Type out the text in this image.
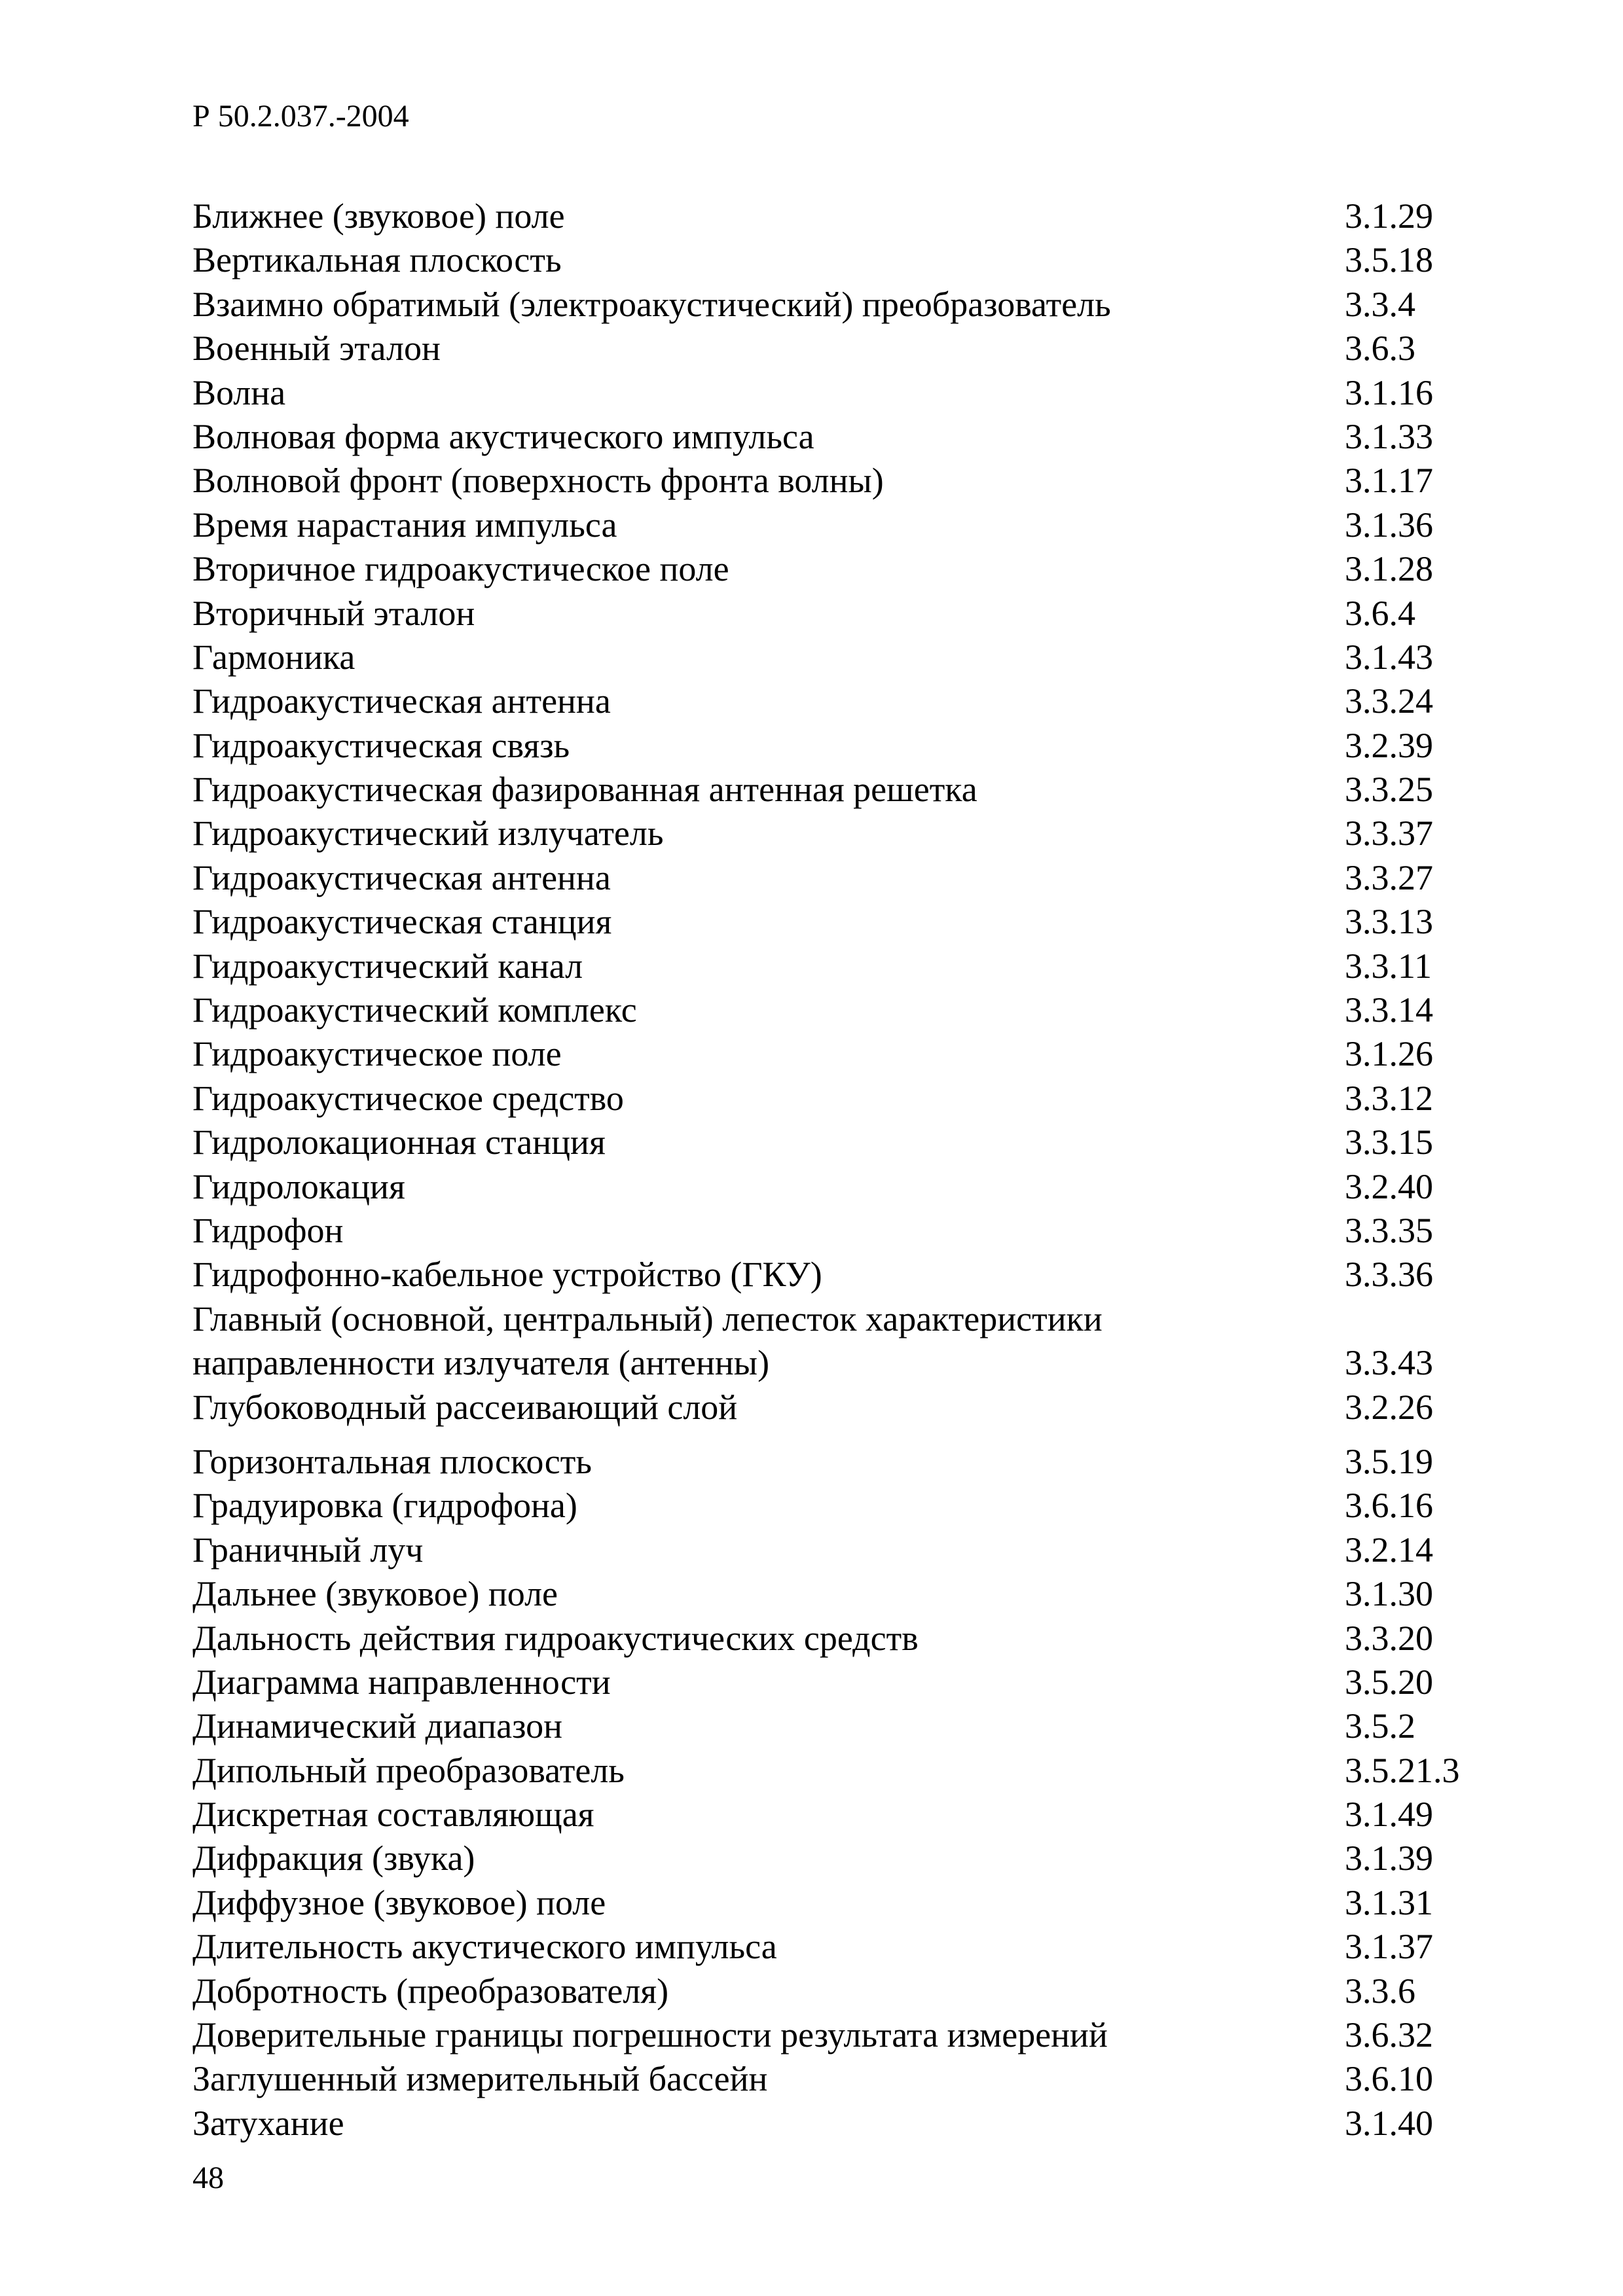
Р 50.2.037.-2004
Ближнее (звуковое) поле	3.1.29
Вертикальная плоскость	3.5.18
Взаимно обратимый (электроакустический) преобразователь	3.3.4
Военный эталон	3.6.3
Волна	3.1.16
Волновая форма акустического импульса	3.1.33
Волновой фронт (поверхность фронта волны)	3.1.17
Время нарастания импульса	3.1.36
Вторичное гидроакустическое поле	3.1.28
Вторичный эталон	3.6.4
Гармоника	3.1.43
Гидроакустическая антенна	3.3.24
Гидроакустическая связь	3.2.39
Гидроакустическая фазированная антенная решетка	3.3.25
Гидроакустический излучатель	3.3.37
Гидроакустическая антенна	3.3.27
Гидроакустическая станция	3.3.13
Гидроакустический канал	3.3.11
Гидроакустический комплекс	3.3.14
Гидроакустическое поле	3.1.26
Гидроакустическое средство	3.3.12
Гидролокационная станция	3.3.15
Гидролокация	3.2.40
Гидрофон	3.3.35
Гидрофонно-кабельное устройство (ГКУ)	3.3.36
Главный (основной, центральный) лепесток характеристики
направленности излучателя (антенны)	3.3.43
Глубоководный рассеивающий слой	3.2.26
Горизонтальная плоскость	3.5.19
Градуировка (гидрофона)	3.6.16
Граничный луч	3.2.14
Дальнее (звуковое) поле	3.1.30
Дальность действия гидроакустических средств	3.3.20
Диаграмма направленности	3.5.20
Динамический диапазон	3.5.2
Дипольный преобразователь	3.5.21.3
Дискретная составляющая	3.1.49
Дифракция (звука)	3.1.39
Диффузное (звуковое) поле	3.1.31
Длительность акустического импульса	3.1.37
Добротность (преобразователя)	3.3.6
Доверительные границы погрешности результата измерений	3.6.32
Заглушенный измерительный бассейн	3.6.10
Затухание	3.1.40
48
